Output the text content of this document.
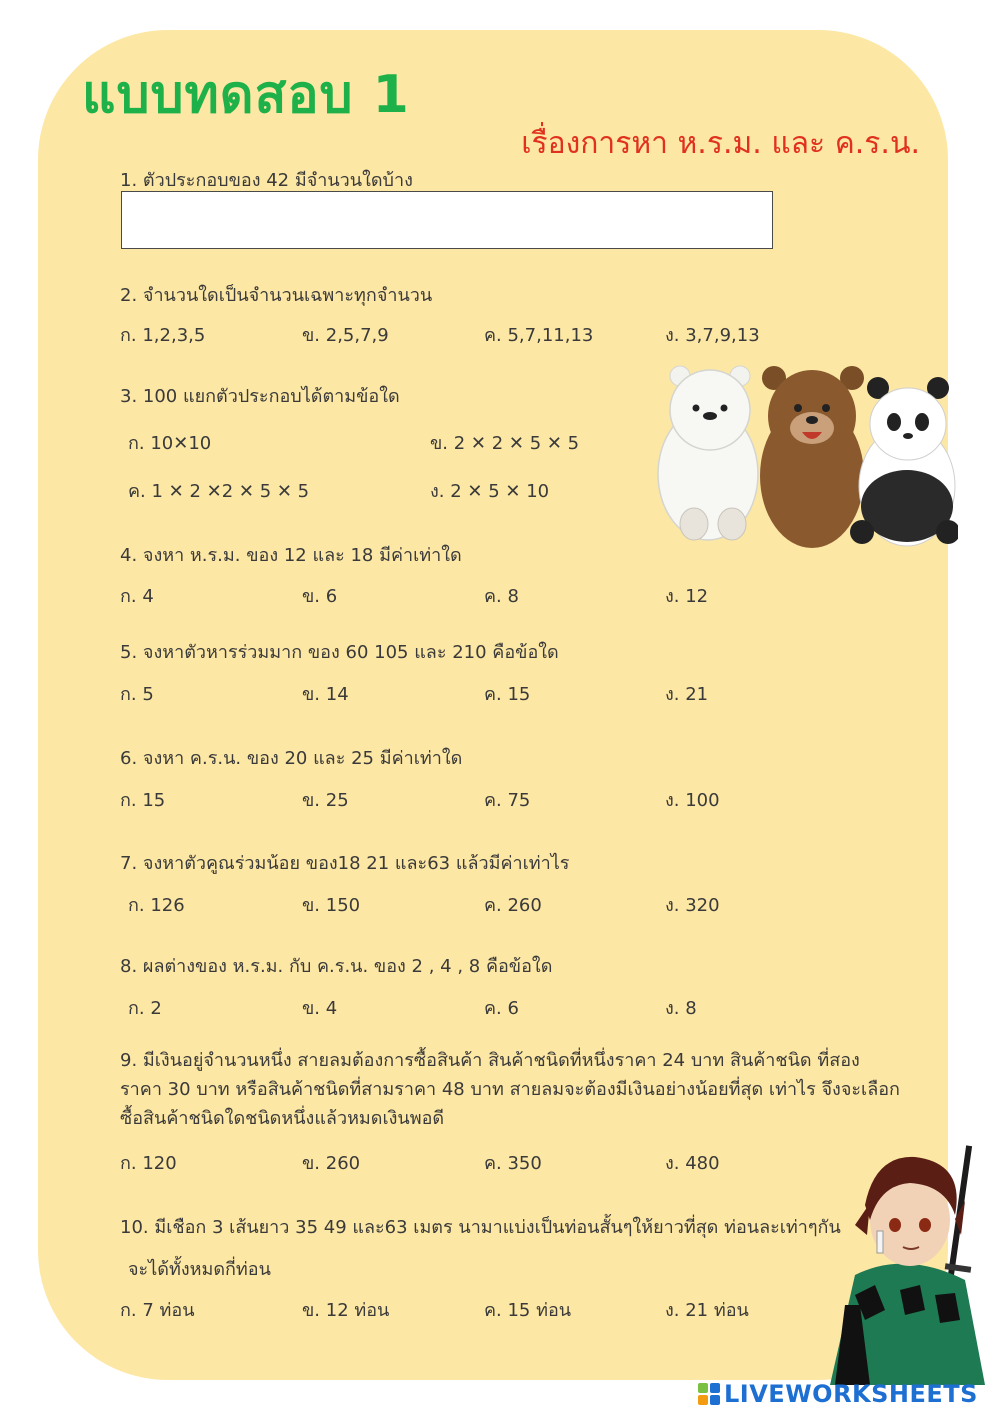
แบบทดสอบ 1
เรื่องการหา ห.ร.ม. และ ค.ร.น.
1. ตัวประกอบของ 42 มีจำนวนใดบ้าง
2. จำนวนใดเป็นจำนวนเฉพาะทุกจำนวน
ก. 1,2,3,5	ข. 2,5,7,9	ค. 5,7,11,13	ง. 3,7,9,13
3. 100 แยกตัวประกอบได้ตามข้อใด
ก. 10✕10	ข. 2 ✕ 2 ✕ 5 ✕ 5
ค. 1 ✕ 2 ✕2 ✕ 5 ✕ 5	ง. 2 ✕ 5 ✕ 10
4. จงหา ห.ร.ม. ของ 12 และ 18 มีค่าเท่าใด
ก. 4	ข. 6	ค. 8	ง. 12
5. จงหาตัวหารร่วมมาก ของ 60 105 และ 210 คือข้อใด
ก. 5	ข. 14	ค. 15	ง. 21
6. จงหา ค.ร.น. ของ 20 และ 25 มีค่าเท่าใด
ก. 15	ข. 25	ค. 75	ง. 100
7. จงหาตัวคูณร่วมน้อย ของ18 21 และ63 แล้วมีค่าเท่าไร
ก. 126	ข. 150	ค. 260	ง. 320
8. ผลต่างของ ห.ร.ม. กับ ค.ร.น. ของ 2 , 4 , 8 คือข้อใด
ก. 2	ข. 4	ค. 6	ง. 8
9. มีเงินอยู่จำนวนหนึ่ง สายลมต้องการซื้อสินค้า สินค้าชนิดที่หนึ่งราคา 24 บาท สินค้าชนิด ที่สองราคา 30 บาท หรือสินค้าชนิดที่สามราคา 48 บาท สายลมจะต้องมีเงินอย่างน้อยที่สุด เท่าไร จึงจะเลือกซื้อสินค้าชนิดใดชนิดหนึ่งแล้วหมดเงินพอดี
ก. 120	ข. 260	ค. 350	ง. 480
10. มีเชือก 3 เส้นยาว 35 49 และ63 เมตร นามาแบ่งเป็นท่อนสั้นๆให้ยาวที่สุด ท่อนละเท่าๆกัน
จะได้ทั้งหมดกี่ท่อน
ก. 7 ท่อน	ข. 12 ท่อน	ค. 15 ท่อน	ง. 21 ท่อน
LIVEWORKSHEETS
